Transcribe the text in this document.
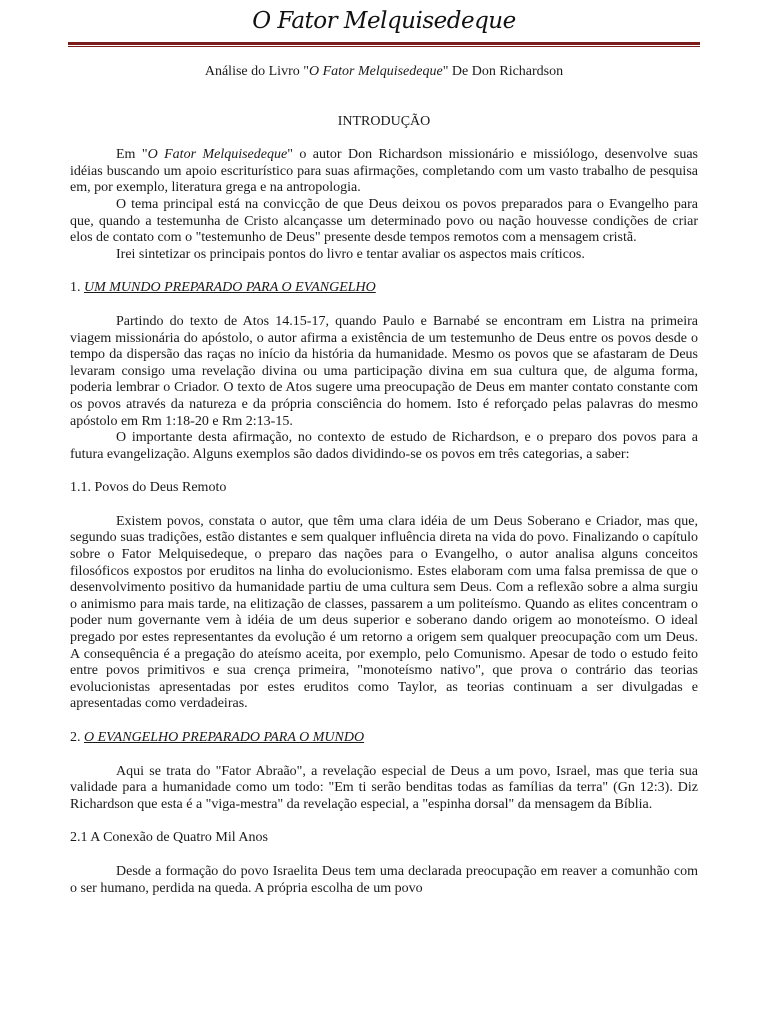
O Fator Melquisedeque

Análise do Livro "O Fator Melquisedeque" De Don Richardson

INTRODUÇÃO

Em "O Fator Melquisedeque" o autor Don Richardson missionário e missiólogo, desenvolve suas idéias buscando um apoio escriturístico para suas afirmações, completando com um vasto trabalho de pesquisa em, por exemplo, literatura grega e na antropologia.

O tema principal está na convicção de que Deus deixou os povos preparados para o Evangelho para que, quando a testemunha de Cristo alcançasse um determinado povo ou nação houvesse condições de criar elos de contato com o "testemunho de Deus" presente desde tempos remotos com a mensagem cristã.

Irei sintetizar os principais pontos do livro e tentar avaliar os aspectos mais críticos.

1. UM MUNDO PREPARADO PARA O EVANGELHO

Partindo do texto de Atos 14.15-17, quando Paulo e Barnabé se encontram em Listra na primeira viagem missionária do apóstolo, o autor afirma a existência de um testemunho de Deus entre os povos desde o tempo da dispersão das raças no início da história da humanidade. Mesmo os povos que se afastaram de Deus levaram consigo uma revelação divina ou uma participação divina em sua cultura que, de alguma forma, poderia lembrar o Criador. O texto de Atos sugere uma preocupação de Deus em manter contato constante com os povos através da natureza e da própria consciência do homem. Isto é reforçado pelas palavras do mesmo apóstolo em Rm 1:18-20 e Rm 2:13-15.

O importante desta afirmação, no contexto de estudo de Richardson, e o preparo dos povos para a futura evangelização. Alguns exemplos são dados dividindo-se os povos em três categorias, a saber:

1.1. Povos do Deus Remoto

Existem povos, constata o autor, que têm uma clara idéia de um Deus Soberano e Criador, mas que, segundo suas tradições, estão distantes e sem qualquer influência direta na vida do povo. Finalizando o capítulo sobre o Fator Melquisedeque, o preparo das nações para o Evangelho, o autor analisa alguns conceitos filosóficos expostos por eruditos na linha do evolucionismo. Estes elaboram com uma falsa premissa de que o desenvolvimento positivo da humanidade partiu de uma cultura sem Deus. Com a reflexão sobre a alma surgiu o animismo para mais tarde, na elitização de classes, passarem a um politeísmo. Quando as elites concentram o poder num governante vem à idéia de um deus superior e soberano dando origem ao monoteísmo. O ideal pregado por estes representantes da evolução é um retorno a origem sem qualquer preocupação com um Deus. A consequência é a pregação do ateísmo aceita, por exemplo, pelo Comunismo. Apesar de todo o estudo feito entre povos primitivos e sua crença primeira, "monoteísmo nativo", que prova o contrário das teorias evolucionistas apresentadas por estes eruditos como Taylor, as teorias continuam a ser divulgadas e apresentadas como verdadeiras.

2. O EVANGELHO PREPARADO PARA O MUNDO

Aqui se trata do "Fator Abraão", a revelação especial de Deus a um povo, Israel, mas que teria sua validade para a humanidade como um todo: "Em ti serão benditas todas as famílias da terra" (Gn 12:3). Diz Richardson que esta é a "viga-mestra" da revelação especial, a "espinha dorsal" da mensagem da Bíblia.

2.1 A Conexão de Quatro Mil Anos

Desde a formação do povo Israelita Deus tem uma declarada preocupação em reaver a comunhão com o ser humano, perdida na queda. A própria escolha de um povo
